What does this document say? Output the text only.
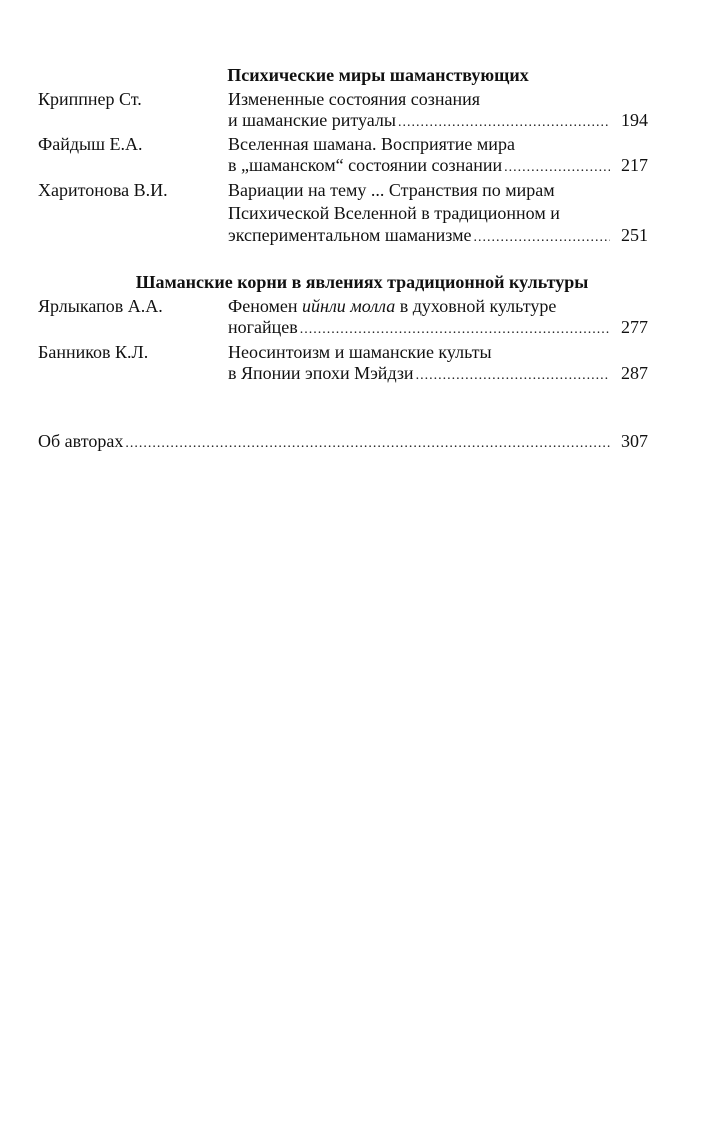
Психические миры шаманствующих
Криппнер Ст.	Измененные состояния сознания
и шаманские ритуалы .....	194
Файдыш Е.А.	Вселенная шамана. Восприятие мира
в „шаманском“ состоянии сознании .....	217
Харитонова В.И.	Вариации на тему ... Странствия по мирам
Психической Вселенной в традиционном и
экспериментальном шаманизме .....	251
Шаманские корни в явлениях традиционной культуры
Ярлыкапов А.А.	Феномен ийнли молла в духовной культуре
ногайцев .....	277
Банников К.Л.	Неосинтоизм и шаманские культы
в Японии эпохи Мэйдзи .....	287
Об авторах .....	307
